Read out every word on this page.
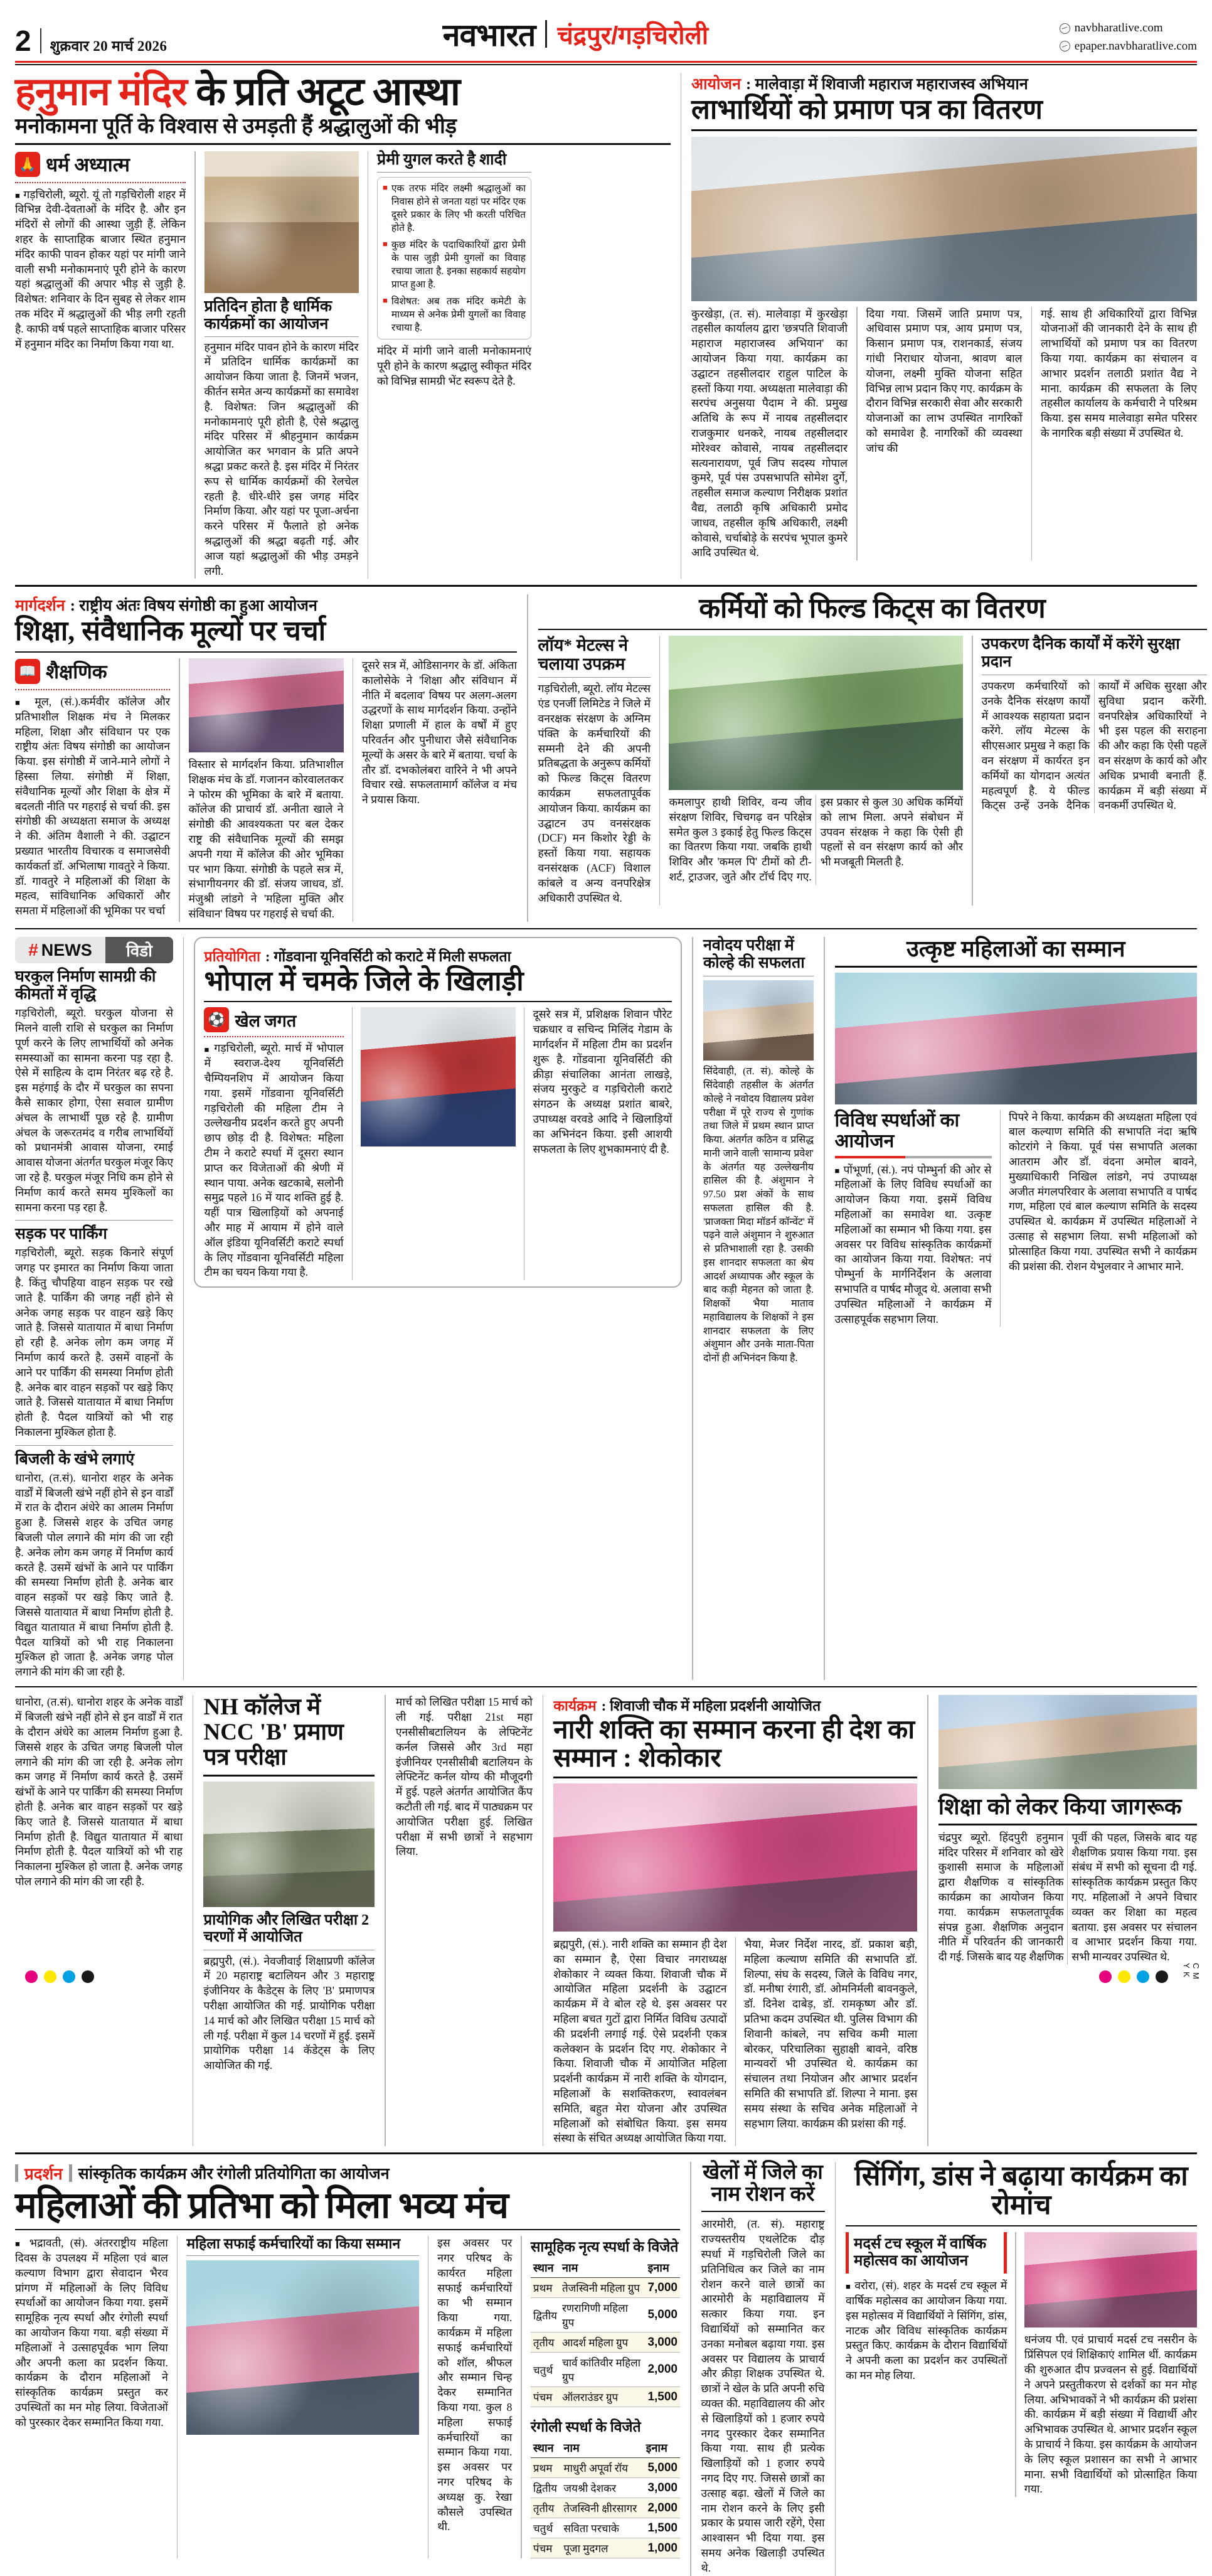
2 शुक्रवार 20 मार्च 2026	नवभारत चंद्रपुर/गड़चिरोली	navbharatlive.com
epaper.navbharatlive.com
हनुमान मंदिर के प्रति अटूट आस्था
मनोकामना पूर्ति के विश्वास से उमड़ती हैं श्रद्धालुओं की भीड़
🙏 धर्म अध्यात्म
■ गड़चिरोली, ब्यूरो. यूं तो गड़चिरोली शहर में विभिन्न देवी-देवताओं के मंदिर है. और इन मंदिरों से लोगों की आस्था जुड़ी हैं. लेकिन शहर के साप्ताहिक बाजार स्थित हनुमान मंदिर काफी पावन होकर यहां पर मांगी जाने वाली सभी मनोकामनाएं पूरी होने के कारण यहां श्रद्धालुओं की अपार भीड़ से जुड़ी है. विशेषत: शनिवार के दिन सुबह से लेकर शाम तक मंदिर में श्रद्धालुओं की भीड़ लगी रहती है. काफी वर्ष पहले साप्ताहिक बाजार परिसर में हनुमान मंदिर का निर्माण किया गया था.
प्रतिदिन होता है धार्मिक कार्यक्रमों का आयोजन
हनुमान मंदिर पावन होने के कारण मंदिर में प्रतिदिन धार्मिक कार्यक्रमों का आयोजन किया जाता है. जिनमें भजन, कीर्तन समेत अन्य कार्यक्रमों का समावेश है. विशेषत: जिन श्रद्धालुओं की मनोकामनाएं पूरी होती है, ऐसे श्रद्धालु मंदिर परिसर में श्रीहनुमान कार्यक्रम आयोजित कर भगवान के प्रति अपने श्रद्धा प्रकट करते है. इस मंदिर में निरंतर रूप से धार्मिक कार्यक्रमों की रेलचेल रहती है. धीरे-धीरे इस जगह मंदिर निर्माण किया. और यहां पर पूजा-अर्चना करने परिसर में फैलाते हो अनेक श्रद्धालुओं की श्रद्धा बढ़ती गई. और आज यहां श्रद्धालुओं की भीड़ उमड़ने लगी.
प्रेमी युगल करते है शादी
■ एक तरफ मंदिर लक्ष्मी श्रद्धालुओं का निवास होने से जनता यहां पर मंदिर एक दूसरे प्रकार के लिए भी करती परिचित होते है.
■ कुछ मंदिर के पदाधिकारियों द्वारा प्रेमी के पास जुड़ी प्रेमी युगलों का विवाह रचाया जाता है. इनका सहकार्य सहयोग प्राप्त हुआ है.
■ विशेषत: अब तक मंदिर कमेटी के माध्यम से अनेक प्रेमी युगलों का विवाह रचाया है.
मंदिर में मांगी जाने वाली मनोकामनाएं पूरी होने के कारण श्रद्धालु स्वीकृत मंदिर को विभिन्न सामग्री भेंट स्वरूप देते है.
आयोजन : मालेवाड़ा में शिवाजी महाराज महाराजस्व अभियान
लाभार्थियों को प्रमाण पत्र का वितरण
कुरखेड़ा, (त. सं). मालेवाड़ा में कुरखेड़ा तहसील कार्यालय द्वारा 'छत्रपति शिवाजी महाराज महाराजस्व अभियान' का आयोजन किया गया. कार्यक्रम का उद्घाटन तहसीलदार राहुल पाटिल के हस्तों किया गया. अध्यक्षता मालेवाड़ा की सरपंच अनुसया पैदाम ने की. प्रमुख अतिथि के रूप में नायब तहसीलदार राजकुमार धनकरे, नायब तहसीलदार मोरेश्वर कोवासे, नायब तहसीलदार सत्यनारायण, पूर्व जिप सदस्य गोपाल कुमरे, पूर्व पंस उपसभापति सोमेश दुर्गे, तहसील समाज कल्याण निरीक्षक प्रशांत वैद्य, तलाठी कृषि अधिकारी प्रमोद जाधव, तहसील कृषि अधिकारी, लक्ष्मी कोवासे, चर्चाबोड़े के सरपंच भूपाल कुमरे आदि उपस्थित थे.
दिया गया. जिसमें जाति प्रमाण पत्र, अधिवास प्रमाण पत्र, आय प्रमाण पत्र, किसान प्रमाण पत्र, राशनकार्ड, संजय गांधी निराधार योजना, श्रावण बाल योजना, लक्ष्मी मुक्ति योजना सहित विभिन्न लाभ प्रदान किए गए. कार्यक्रम के दौरान विभिन्न सरकारी सेवा और सरकारी योजनाओं का लाभ उपस्थित नागरिकों को समावेश है. नागरिकों की व्यवस्था जांच की
गई. साथ ही अधिकारियों द्वारा विभिन्न योजनाओं की जानकारी देने के साथ ही लाभार्थियों को प्रमाण पत्र का वितरण किया गया. कार्यक्रम का संचालन व आभार प्रदर्शन तलाठी प्रशांत वैद्य ने माना. कार्यक्रम की सफलता के लिए तहसील कार्यालय के कर्मचारी ने परिश्रम किया. इस समय मालेवाड़ा समेत परिसर के नागरिक बड़ी संख्या में उपस्थित थे.
मार्गदर्शन : राष्ट्रीय अंतः विषय संगोष्ठी का हुआ आयोजन
शिक्षा, संवैधानिक मूल्यों पर चर्चा
📖 शैक्षणिक
■ मूल, (सं.).कर्मवीर कॉलेज और प्रतिभाशील शिक्षक मंच ने मिलकर महिला, शिक्षा और संविधान पर एक राष्ट्रीय अंतः विषय संगोष्ठी का आयोजन किया. इस संगोष्ठी में जाने-माने लोगों ने हिस्सा लिया. संगोष्ठी में शिक्षा, संवैधानिक मूल्यों और शिक्षा के क्षेत्र में बदलती नीति पर गहराई से चर्चा की. इस संगोष्ठी की अध्यक्षता समाज के अध्यक्ष ने की. अंतिम वैशाली ने की. उद्घाटन प्रख्यात भारतीय विचारक व समाजसेवी कार्यकर्ता डॉ. अभिलाषा गावतुरे ने किया. डॉ. गावतुरे ने महिलाओं की शिक्षा के महत्व, सांविधानिक अधिकारों और समता में महिलाओं की भूमिका पर चर्चा
विस्तार से मार्गदर्शन किया. प्रतिभाशील शिक्षक मंच के डॉ. गजानन कोरवालतकर ने फोरम की भूमिका के बारे में बताया. कॉलेज की प्राचार्य डॉ. अनीता खाले ने संगोष्ठी की आवश्यकता पर बल देकर राष्ट्र की संवैधानिक मूल्यों की समझ अपनी गया में कॉलेज की ओर भूमिका पर भाग किया. संगोष्ठी के पहले सत्र में, संभागीयनगर की डॉ. संजय जाधव, डॉ. मंजुश्री लांडगे ने 'महिला मुक्ति और संविधान' विषय पर गहराई से चर्चा की.
दूसरे सत्र में, ओडिसानगर के डॉ. अंकिता कालोसेके ने 'शिक्षा और संविधान में नीति में बदलाव' विषय पर अलग-अलग उद्धरणों के साथ मार्गदर्शन किया. उन्होंने शिक्षा प्रणाली में हाल के वर्षों में हुए परिवर्तन और पुनीधारा जैसे संवैधानिक मूल्यों के असर के बारे में बताया. चर्चा के तौर डॉ. दभकोलंबरा वारिने ने भी अपने विचार रखे. सफलतामार्ग कॉलेज व मंच ने प्रयास किया.
कर्मियों को फिल्ड किट्स का वितरण
लॉय* मेटल्स ने चलाया उपक्रम
गड़चिरोली, ब्यूरो. लॉय मेटल्स एंड एनर्जी लिमिटेड ने जिले में वनरक्षक संरक्षण के अग्निम पंक्ति के कर्मचारियों की सम्मनी देने की अपनी प्रतिबद्धता के अनुरूप कर्मियों को फिल्ड किट्स वितरण कार्यक्रम सफलतापूर्वक आयोजन किया. कार्यक्रम का उद्घाटन उप वनसंरक्षक (DCF) मन किशोर रेड्डी के हस्तों किया गया. सहायक वनसंरक्षक (ACF) विशाल कांबले व अन्य वनपरिक्षेत्र अधिकारी उपस्थित थे.
कमलापुर हाथी शिविर, वन्य जीव संरक्षण शिविर, चिचगढ़ वन परिक्षेत्र समेत कुल 3 इकाई हेतु फिल्ड किट्स का वितरण किया गया. जबकि हाथी शिविर और 'कमल पि' टीमों को टी-शर्ट, ट्राउजर, जुते और टॉर्च दिए गए. इस प्रकार से कुल 30 अधिक कर्मियों को लाभ मिला. अपने संबोधन में उपवन संरक्षक ने कहा कि ऐसी ही पहलों से वन संरक्षण कार्य को और भी मजबूती मिलती है.
उपकरण दैनिक कार्यों में करेंगे सुरक्षा प्रदान
उपकरण कर्मचारियों को उनके दैनिक संरक्षण कार्यों में आवश्यक सहायता प्रदान करेंगे. लॉय मेटल्स के सीएसआर प्रमुख ने कहा कि वन संरक्षण में कार्यरत इन कर्मियों का योगदान अत्यंत महत्वपूर्ण है. ये फील्ड किट्स उन्हें उनके दैनिक कार्यों में अधिक सुरक्षा और सुविधा प्रदान करेंगी. वनपरिक्षेत्र अधिकारियों ने भी इस पहल की सराहना की और कहा कि ऐसी पहलें वन संरक्षण के कार्य को और अधिक प्रभावी बनाती हैं. कार्यक्रम में बड़ी संख्या में वनकर्मी उपस्थित थे.
# NEWS विडो
घरकुल निर्माण सामग्री की कीमतों में वृद्धि
गड़चिरोली, ब्यूरो. घरकुल योजना से मिलने वाली राशि से घरकुल का निर्माण पूर्ण करने के लिए लाभार्थियों को अनेक समस्याओं का सामना करना पड़ रहा है. ऐसे में साहित्य के दाम निरंतर बढ़ रहे है. इस महंगाई के दौर में घरकुल का सपना कैसे साकार होगा, ऐसा सवाल ग्रामीण अंचल के लाभार्थी पूछ रहे है. ग्रामीण अंचल के जरूरतमंद व गरीब लाभार्थियों को प्रधानमंत्री आवास योजना, रमाई आवास योजना अंतर्गत घरकुल मंजूर किए जा रहे है. घरकुल मंजूर निधि कम होने से निर्माण कार्य करते समय मुश्किलों का सामना करना पड़ रहा है.
सड़क पर पार्किंग
गड़चिरोली, ब्यूरो. सड़क किनारे संपूर्ण जगह पर इमारत का निर्माण किया जाता है. किंतु चौपहिया वाहन सड़क पर रखे जाते है. पार्किंग की जगह नहीं होने से अनेक जगह सड़क पर वाहन खड़े किए जाते है. जिससे यातायात में बाधा निर्माण हो रही है. अनेक लोग कम जगह में निर्माण कार्य करते है. उसमें वाहनों के आने पर पार्किंग की समस्या निर्माण होती है. अनेक बार वाहन सड़कों पर खड़े किए जाते है. जिससे यातायात में बाधा निर्माण होती है. पैदल यात्रियों को भी राह निकालना मुश्किल होता है.
बिजली के खंभे लगाएं
धानोरा, (त.सं). धानोरा शहर के अनेक वार्डों में बिजली खंभे नहीं होने से इन वार्डों में रात के दौरान अंधेरे का आलम निर्माण हुआ है. जिससे शहर के उचित जगह बिजली पोल लगाने की मांग की जा रही है. अनेक लोग कम जगह में निर्माण कार्य करते है. उसमें खंभों के आने पर पार्किंग की समस्या निर्माण होती है. अनेक बार वाहन सड़कों पर खड़े किए जाते है. जिससे यातायात में बाधा निर्माण होती है. विद्युत यातायात में बाधा निर्माण होती है. पैदल यात्रियों को भी राह निकालना मुश्किल हो जाता है. अनेक जगह पोल लगाने की मांग की जा रही है.
प्रतियोगिता : गोंडवाना यूनिवर्सिटी को कराटे में मिली सफलता
भोपाल में चमके जिले के खिलाड़ी
⚽ खेल जगत
■ गड़चिरोली, ब्यूरो. मार्च में भोपाल में स्वराज-देश्य यूनिवर्सिटी चैम्पियनशिप में आयोजन किया गया. इसमें गोंडवाना यूनिवर्सिटी गड़चिरोली की महिला टीम ने उल्लेखनीय प्रदर्शन करते हुए अपनी छाप छोड़ दी है. विशेषत: महिला टीम ने कराटे स्पर्धा में दूसरा स्थान प्राप्त कर विजेताओं की श्रेणी में स्थान पाया. अनेक खटकाबे, सलोनी समुद्र पहले 16 में याद शक्ति हुई है. यहीं पात्र खिलाड़ियों को अपनाई और माह में आयाम में होने वाले ऑल इंडिया यूनिवर्सिटी कराटे स्पर्धा के लिए गोंडवाना यूनिवर्सिटी महिला टीम का चयन किया गया है.
दूसरे सत्र में, प्रशिक्षक शिवान पौरेट चक्रधार व सचिन्द मिलिंद गेडाम के मार्गदर्शन में महिला टीम का प्रदर्शन शुरू है. गोंडवाना यूनिवर्सिटी की क्रीड़ा संचालिका आनंता लाखड़े, संजय मुरकुटे व गड़चिरोली कराटे संगठन के अध्यक्ष प्रशांत बाबरे, उपाध्यक्ष वरवडे आदि ने खिलाड़ियों का अभिनंदन किया. इसी आशयी सफलता के लिए शुभकामनाएं दी है.
नवोदय परीक्षा में कोल्हे की सफलता
सिंदेवाही, (त. सं). कोल्हे के सिंदेवाही तहसील के अंतर्गत कोल्हे ने नवोदय विद्यालय प्रवेश परीक्षा में पूरे राज्य से गुणांक तथा जिले में प्रथम स्थान प्राप्त किया. अंतर्गत कठिन व प्रसिद्ध मानी जाने वाली 'सामान्य प्रवेश' के अंतर्गत यह उल्लेखनीय हासिल की है. अंशुमान ने 97.50 प्रश अंकों के साथ सफलता हासिल की है. 'प्राजक्ता मिदा मॉडर्न कॉन्वेंट' में पढ़ने वाले अंशुमान ने शुरुआत से प्रतिभाशाली रहा है. उसकी इस शानदार सफलता का श्रेय आदर्श अध्यापक और स्कूल के बाद कड़ी मेहनत को जाता है. शिक्षकों भैया माताव महाविद्यालय के शिक्षकों ने इस शानदार सफलता के लिए अंशुमान और उनके माता-पिता दोनों ही अभिनंदन किया है.
उत्कृष्ट महिलाओं का सम्मान
विविध स्पर्धाओं का आयोजन
■ पोंभूर्णा, (सं.). नपं पोम्भुर्ना की ओर से महिलाओं के लिए विविध स्पर्धाओं का आयोजन किया गया. इसमें विविध महिलाओं का समावेश था. उत्कृष्ट महिलाओं का सम्मान भी किया गया. इस अवसर पर विविध सांस्कृतिक कार्यक्रमों का आयोजन किया गया. विशेषत: नपं पोम्भुर्ना के मार्गनिर्देशन के अलावा सभापति व पार्षद मौजूद थे. अलावा सभी उपस्थित महिलाओं ने कार्यक्रम में उत्साहपूर्वक सहभाग लिया.
पिपरे ने किया. कार्यक्रम की अध्यक्षता महिला एवं बाल कल्याण समिति की सभापति नंदा ऋषि कोटरांगे ने किया. पूर्व पंस सभापति अलका आतराम और डॉ. वंदना अमोल बावने, मुख्याधिकारी निखिल लांडगे, नपं उपाध्यक्ष अजीत मंगलपरिवार के अलावा सभापति व पार्षद गण, महिला एवं बाल कल्याण समिति के सदस्य उपस्थित थे. कार्यक्रम में उपस्थित महिलाओं ने उत्साह से सहभाग लिया. सभी महिलाओं को प्रोत्साहित किया गया. उपस्थित सभी ने कार्यक्रम की प्रशंसा की. रोशन येभुलवार ने आभार माने.
धानोरा, (त.सं). धानोरा शहर के अनेक वार्डों में बिजली खंभे नहीं होने से इन वार्डों में रात के दौरान अंधेरे का आलम निर्माण हुआ है. जिससे शहर के उचित जगह बिजली पोल लगाने की मांग की जा रही है. अनेक लोग कम जगह में निर्माण कार्य करते है. उसमें खंभों के आने पर पार्किंग की समस्या निर्माण होती है. अनेक बार वाहन सड़कों पर खड़े किए जाते है. जिससे यातायात में बाधा निर्माण होती है. विद्युत यातायात में बाधा निर्माण होती है. पैदल यात्रियों को भी राह निकालना मुश्किल हो जाता है. अनेक जगह पोल लगाने की मांग की जा रही है.
NH कॉलेज में NCC 'B' प्रमाण पत्र परीक्षा
प्रायोगिक और लिखित परीक्षा 2 चरणों में आयोजित
ब्रह्मपुरी, (सं.). नेवजीवाई शिक्षाप्रणी कॉलेज में 20 महाराष्ट्र बटालियन और 3 महाराष्ट्र इंजीनियर के कैडेट्स के लिए 'B' प्रमाणपत्र परीक्षा आयोजित की गई. प्रायोगिक परीक्षा 14 मार्च को और लिखित परीक्षा 15 मार्च को ली गई. परीक्षा में कुल 14 चरणों में हुई. इसमें प्रायोगिक परीक्षा 14 कॅडेट्स के लिए आयोजित की गई.
मार्च को लिखित परीक्षा 15 मार्च को ली गई. परीक्षा 21st महा एनसीसीबटालियन के लेफ्टिनेंट कर्नल जिससे और 3rd महा इंजीनियर एनसीसीबी बटालियन के लेफ्टिनेंट कर्नल योग्य की मौजूदगी में हुई. पहले अंतर्गत आयोजित कैंप कटौती ली गई. बाद में पाठ्यक्रम पर आयोजित परीक्षा हुई. लिखित परीक्षा में सभी छात्रों ने सहभाग लिया.
कार्यक्रम : शिवाजी चौक में महिला प्रदर्शनी आयोजित
नारी शक्ति का सम्मान करना ही देश का सम्मान : शेकोकार
ब्रह्मपुरी, (सं.). नारी शक्ति का सम्मान ही देश का सम्मान है, ऐसा विचार नगराध्यक्ष शेकोकार ने व्यक्त किया. शिवाजी चौक में आयोजित महिला प्रदर्शनी के उद्घाटन कार्यक्रम में वे बोल रहे थे. इस अवसर पर महिला बचत गुटों द्वारा निर्मित विविध उत्पादों की प्रदर्शनी लगाई गई. ऐसे प्रदर्शनी एकत्र कलेक्शन के प्रदर्शन दिए गए. शेकोकार ने किया. शिवाजी चौक में आयोजित महिला प्रदर्शनी कार्यक्रम में नारी शक्ति के योगदान, महिलाओं के सशक्तिकरण, स्वावलंबन समिति, बहुत मेरा योजना और उपस्थित महिलाओं को संबोधित किया. इस समय संस्था के संचित अध्यक्ष आयोजित किया गया.
भैया, मेजर निर्देश नारद, डॉ. प्रकाश बड़ी, महिला कल्याण समिति की सभापति डॉ. शिल्पा, संघ के सदस्य, जिले के विविध नगर, डॉ. मनीषा रंगारी, डॉ. ओमनिर्मली बावनकुले, डॉ. दिनेश दाबेड़, डॉ. रामकृष्ण और डॉ. प्रतिभा कदम उपस्थित थी. पुलिस विभाग की शिवानी कांबले, नप सचिव कमी माला बोरकर, परिचालिका सुहाक्षी बावने, वरिष्ठ मान्यवरों भी उपस्थित थे. कार्यक्रम का संचालन तथा नियोजन और आभार प्रदर्शन समिति की सभापति डॉ. शिल्पा ने माना. इस समय संस्था के सचिव अनेक महिलाओं ने सहभाग लिया. कार्यक्रम की प्रशंसा की गई.
शिक्षा को लेकर किया जागरूक
चंद्रपुर ब्यूरो. हिंदपुरी हनुमान मंदिर परिसर में शनिवार को खेरे कुशासी समाज के महिलाओं द्वारा शैक्षणिक व सांस्कृतिक कार्यक्रम का आयोजन किया गया. कार्यक्रम सफलतापूर्वक संपन्न हुआ. शैक्षणिक अनुदान नीति में परिवर्तन की जानकारी दी गई. जिसके बाद यह शैक्षणिक पूर्वी की पहल, जिसके बाद यह शैक्षणिक प्रयास किया गया. इस संबंध में सभी को सूचना दी गई. सांस्कृतिक कार्यक्रम प्रस्तुत किए गए. महिलाओं ने अपने विचार व्यक्त कर शिक्षा का महत्व बताया. इस अवसर पर संचालन व आभार प्रदर्शन किया गया. सभी मान्यवर उपस्थित थे.
प्रदर्शन सांस्कृतिक कार्यक्रम और रंगोली प्रतियोगिता का आयोजन
महिलाओं की प्रतिभा को मिला भव्य मंच
■ भद्रावती, (सं). अंतरराष्ट्रीय महिला दिवस के उपलक्ष्य में महिला एवं बाल कल्याण विभाग द्वारा सेवादान भैरव प्रांगण में महिलाओं के लिए विविध स्पर्धाओं का आयोजन किया गया. इसमें सामूहिक नृत्य स्पर्धा और रंगोली स्पर्धा का आयोजन किया गया. बड़ी संख्या में महिलाओं ने उत्साहपूर्वक भाग लिया और अपनी कला का प्रदर्शन किया. कार्यक्रम के दौरान महिलाओं ने सांस्कृतिक कार्यक्रम प्रस्तुत कर उपस्थितों का मन मोह लिया. विजेताओं को पुरस्कार देकर सम्मानित किया गया.
महिला सफाई कर्मचारियों का किया सम्मान	इस अवसर पर नगर परिषद के कार्यरत महिला सफाई कर्मचारियों का भी सम्मान किया गया. कार्यक्रम में महिला सफाई कर्मचारियों को शॉल, श्रीफल और सम्मान चिन्ह देकर सम्मानित किया गया. कुल 8 महिला सफाई कर्मचारियों का सम्मान किया गया. इस अवसर पर नगर परिषद के अध्यक्ष कु. रेखा कौसले उपस्थित थी.
सामूहिक नृत्य स्पर्धा के विजेते
स्थान	नाम	इनाम
प्रथम	तेजस्विनी महिला ग्रुप	7,000
द्वितीय	रणरागिणी महिला ग्रुप	5,000
तृतीय	आदर्श महिला ग्रुप	3,000
चतुर्थ	चार्व कांतिवीर महिला ग्रुप	2,000
पंचम	ऑलराउंडर ग्रुप	1,500
रंगोली स्पर्धा के विजेते
स्थान	नाम	इनाम
प्रथम	माधुरी अपूर्वा रॉय	5,000
द्वितीय	जयश्री देशकर	3,000
तृतीय	तेजस्विनी क्षीरसागर	2,000
चतुर्थ	सविता परचाके	1,500
पंचम	पूजा मुदगल	1,000
खेलों में जिले का नाम रोशन करें
आरमोरी, (त. सं). महाराष्ट्र राज्यस्तरीय एथलेटिक दौड़ स्पर्धा में गड़चिरोली जिले का प्रतिनिधित्व कर जिले का नाम रोशन करने वाले छात्रों का आरमोरी के महाविद्यालय में सत्कार किया गया. इन विद्यार्थियों को सम्मानित कर उनका मनोबल बढ़ाया गया. इस अवसर पर विद्यालय के प्राचार्य और क्रीड़ा शिक्षक उपस्थित थे. छात्रों ने खेल के प्रति अपनी रुचि व्यक्त की. महाविद्यालय की ओर से खिलाड़ियों को 1 हजार रुपये नगद पुरस्कार देकर सम्मानित किया गया. साथ ही प्रत्येक खिलाड़ियों को 1 हजार रुपये नगद दिए गए. जिससे छात्रों का उत्साह बढ़ा. खेलों में जिले का नाम रोशन करने के लिए इसी प्रकार के प्रयास जारी रहेंगे, ऐसा आश्वासन भी दिया गया. इस समय अनेक खिलाड़ी उपस्थित थे.
सिंगिंग, डांस ने बढ़ाया कार्यक्रम का रोमांच
मदर्स टच स्कूल में वार्षिक महोत्सव का आयोजन
■ वरोरा, (सं). शहर के मदर्स टच स्कूल में वार्षिक महोत्सव का आयोजन किया गया. इस महोत्सव में विद्यार्थियों ने सिंगिंग, डांस, नाटक और विविध सांस्कृतिक कार्यक्रम प्रस्तुत किए. कार्यक्रम के दौरान विद्यार्थियों ने अपनी कला का प्रदर्शन कर उपस्थितों का मन मोह लिया.
धनंजय पी. एवं प्राचार्य मदर्स टच नसरीन के प्रिंसिपल एवं शिक्षिकाएं शामिल थीं. कार्यक्रम की शुरुआत दीप प्रज्वलन से हुई. विद्यार्थियों ने अपने प्रस्तुतीकरण से दर्शकों का मन मोह लिया. अभिभावकों ने भी कार्यक्रम की प्रशंसा की. कार्यक्रम में बड़ी संख्या में विद्यार्थी और अभिभावक उपस्थित थे. आभार प्रदर्शन स्कूल के प्राचार्य ने किया. इस कार्यक्रम के आयोजन के लिए स्कूल प्रशासन का सभी ने आभार माना. सभी विद्यार्थियों को प्रोत्साहित किया गया.
C M Y K
